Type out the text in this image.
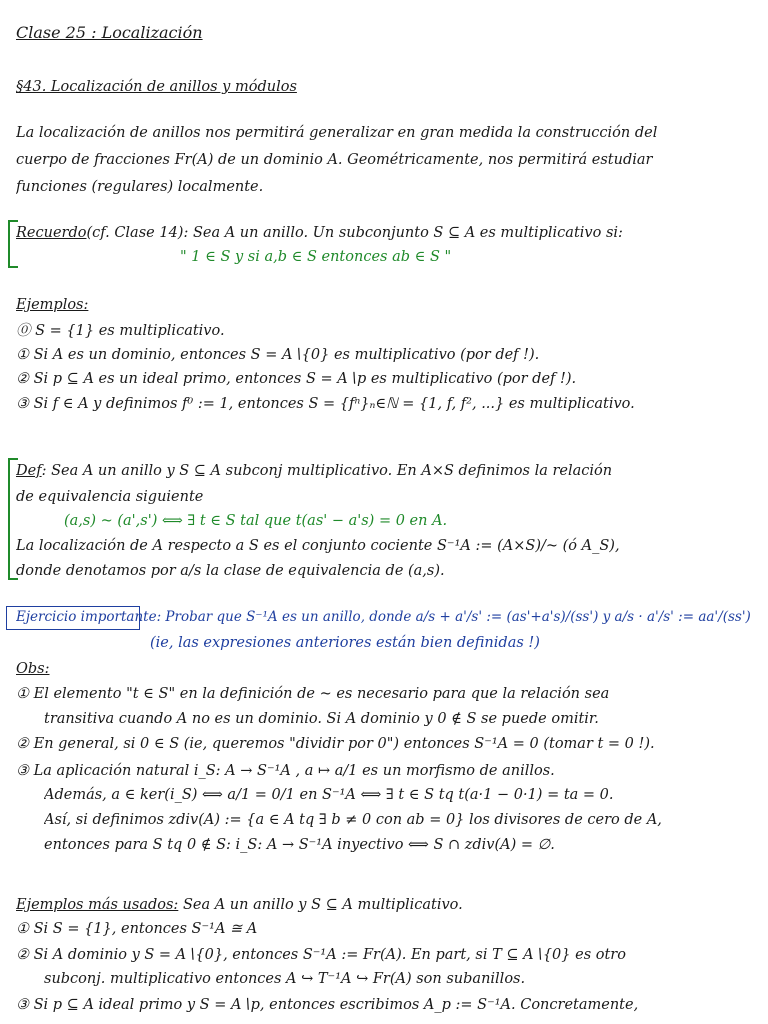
Clase 25 : Localización
§43. Localización de anillos y módulos
La localización de anillos nos permitirá generalizar en gran medida la construcción del
cuerpo de fracciones Fr(A) de un dominio A. Geométricamente, nos permitirá estudiar
funciones (regulares) localmente.
Recuerdo(cf. Clase 14): Sea A un anillo. Un subconjunto S ⊆ A es multiplicativo si:
" 1 ∈ S y si a,b ∈ S entonces ab ∈ S "
Ejemplos:
⓪ S = {1} es multiplicativo.
① Si A es un dominio, entonces S = A∖{0} es multiplicativo (por def !).
② Si p ⊆ A es un ideal primo, entonces S = A∖p es multiplicativo (por def !).
③ Si f ∈ A y definimos f⁰ := 1, entonces S = {fⁿ}ₙ∈ℕ = {1, f, f², ...} es multiplicativo.
Def: Sea A un anillo y S ⊆ A subconj multiplicativo. En A×S definimos la relación
de equivalencia siguiente
(a,s) ~ (a',s') ⟺ ∃ t ∈ S tal que t(as' − a's) = 0 en A.
La localización de A respecto a S es el conjunto cociente S⁻¹A := (A×S)/~ (ó A_S),
donde denotamos por a/s la clase de equivalencia de (a,s).
Ejercicio importante: Probar que S⁻¹A es un anillo, donde a/s + a'/s' := (as'+a's)/(ss') y a/s · a'/s' := aa'/(ss')
(ie, las expresiones anteriores están bien definidas !)
Obs:
① El elemento "t ∈ S" en la definición de ~ es necesario para que la relación sea
transitiva cuando A no es un dominio. Si A dominio y 0 ∉ S se puede omitir.
② En general, si 0 ∈ S (ie, queremos "dividir por 0") entonces S⁻¹A = 0 (tomar t = 0 !).
③ La aplicación natural i_S: A → S⁻¹A , a ↦ a/1 es un morfismo de anillos.
Además, a ∈ ker(i_S) ⟺ a/1 = 0/1 en S⁻¹A ⟺ ∃ t ∈ S tq t(a·1 − 0·1) = ta = 0.
Así, si definimos zdiv(A) := {a ∈ A tq ∃ b ≠ 0 con ab = 0} los divisores de cero de A,
entonces para S tq 0 ∉ S: i_S: A → S⁻¹A inyectivo ⟺ S ∩ zdiv(A) = ∅.
Ejemplos más usados: Sea A un anillo y S ⊆ A multiplicativo.
① Si S = {1}, entonces S⁻¹A ≅ A
② Si A dominio y S = A∖{0}, entonces S⁻¹A := Fr(A). En part, si T ⊆ A∖{0} es otro
subconj. multiplicativo entonces A ↪ T⁻¹A ↪ Fr(A) son subanillos.
③ Si p ⊆ A ideal primo y S = A∖p, entonces escribimos A_p := S⁻¹A. Concretamente,
